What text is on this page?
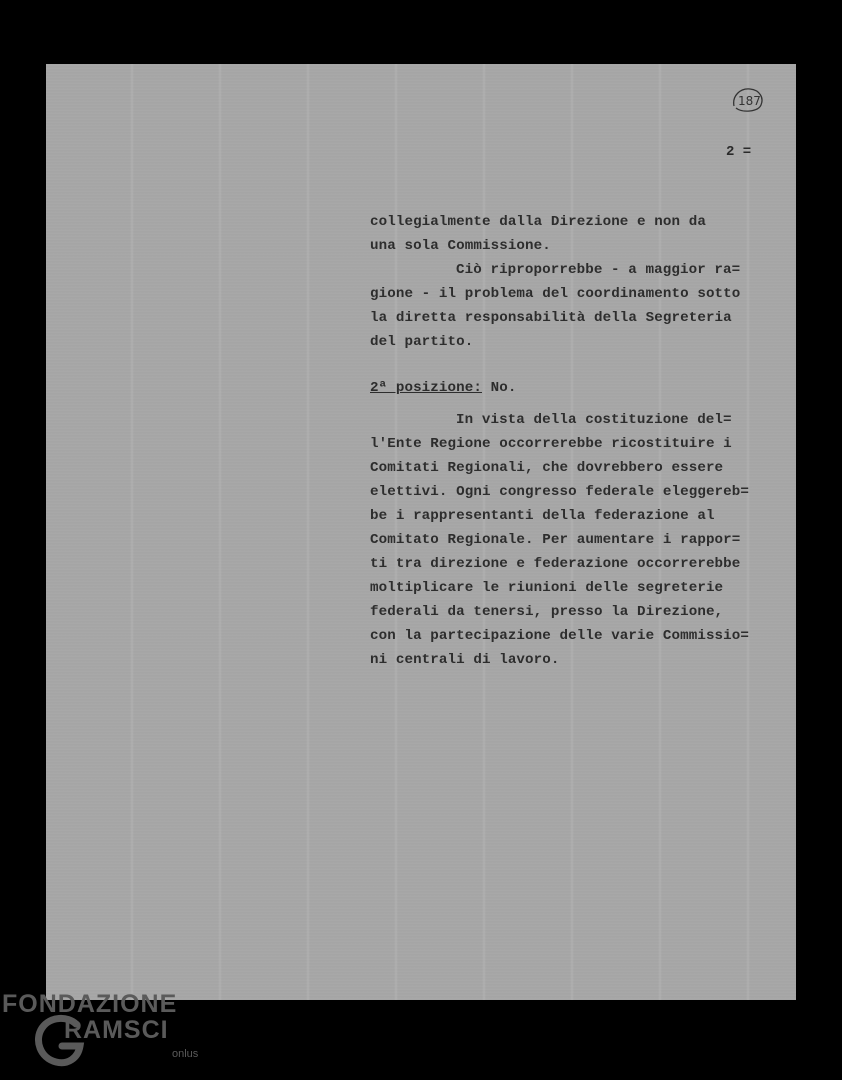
187
2 =
collegialmente dalla Direzione e non da
una sola Commissione.
Ciò riproporrebbe - a maggior ra=
gione - il problema del coordinamento sotto
la diretta responsabilità della Segreteria
del partito.
2ª posizione: No.
In vista della costituzione del=
l'Ente Regione occorrerebbe ricostituire i
Comitati Regionali, che dovrebbero essere
elettivi. Ogni congresso federale eleggereb=
be i rappresentanti della federazione al
Comitato Regionale. Per aumentare i rappor=
ti tra direzione e federazione occorrerebbe
moltiplicare le riunioni delle segreterie
federali da tenersi, presso la Direzione,
con la partecipazione delle varie Commissio=
ni centrali di lavoro.
FONDAZIONE
RAMSCI
onlus
